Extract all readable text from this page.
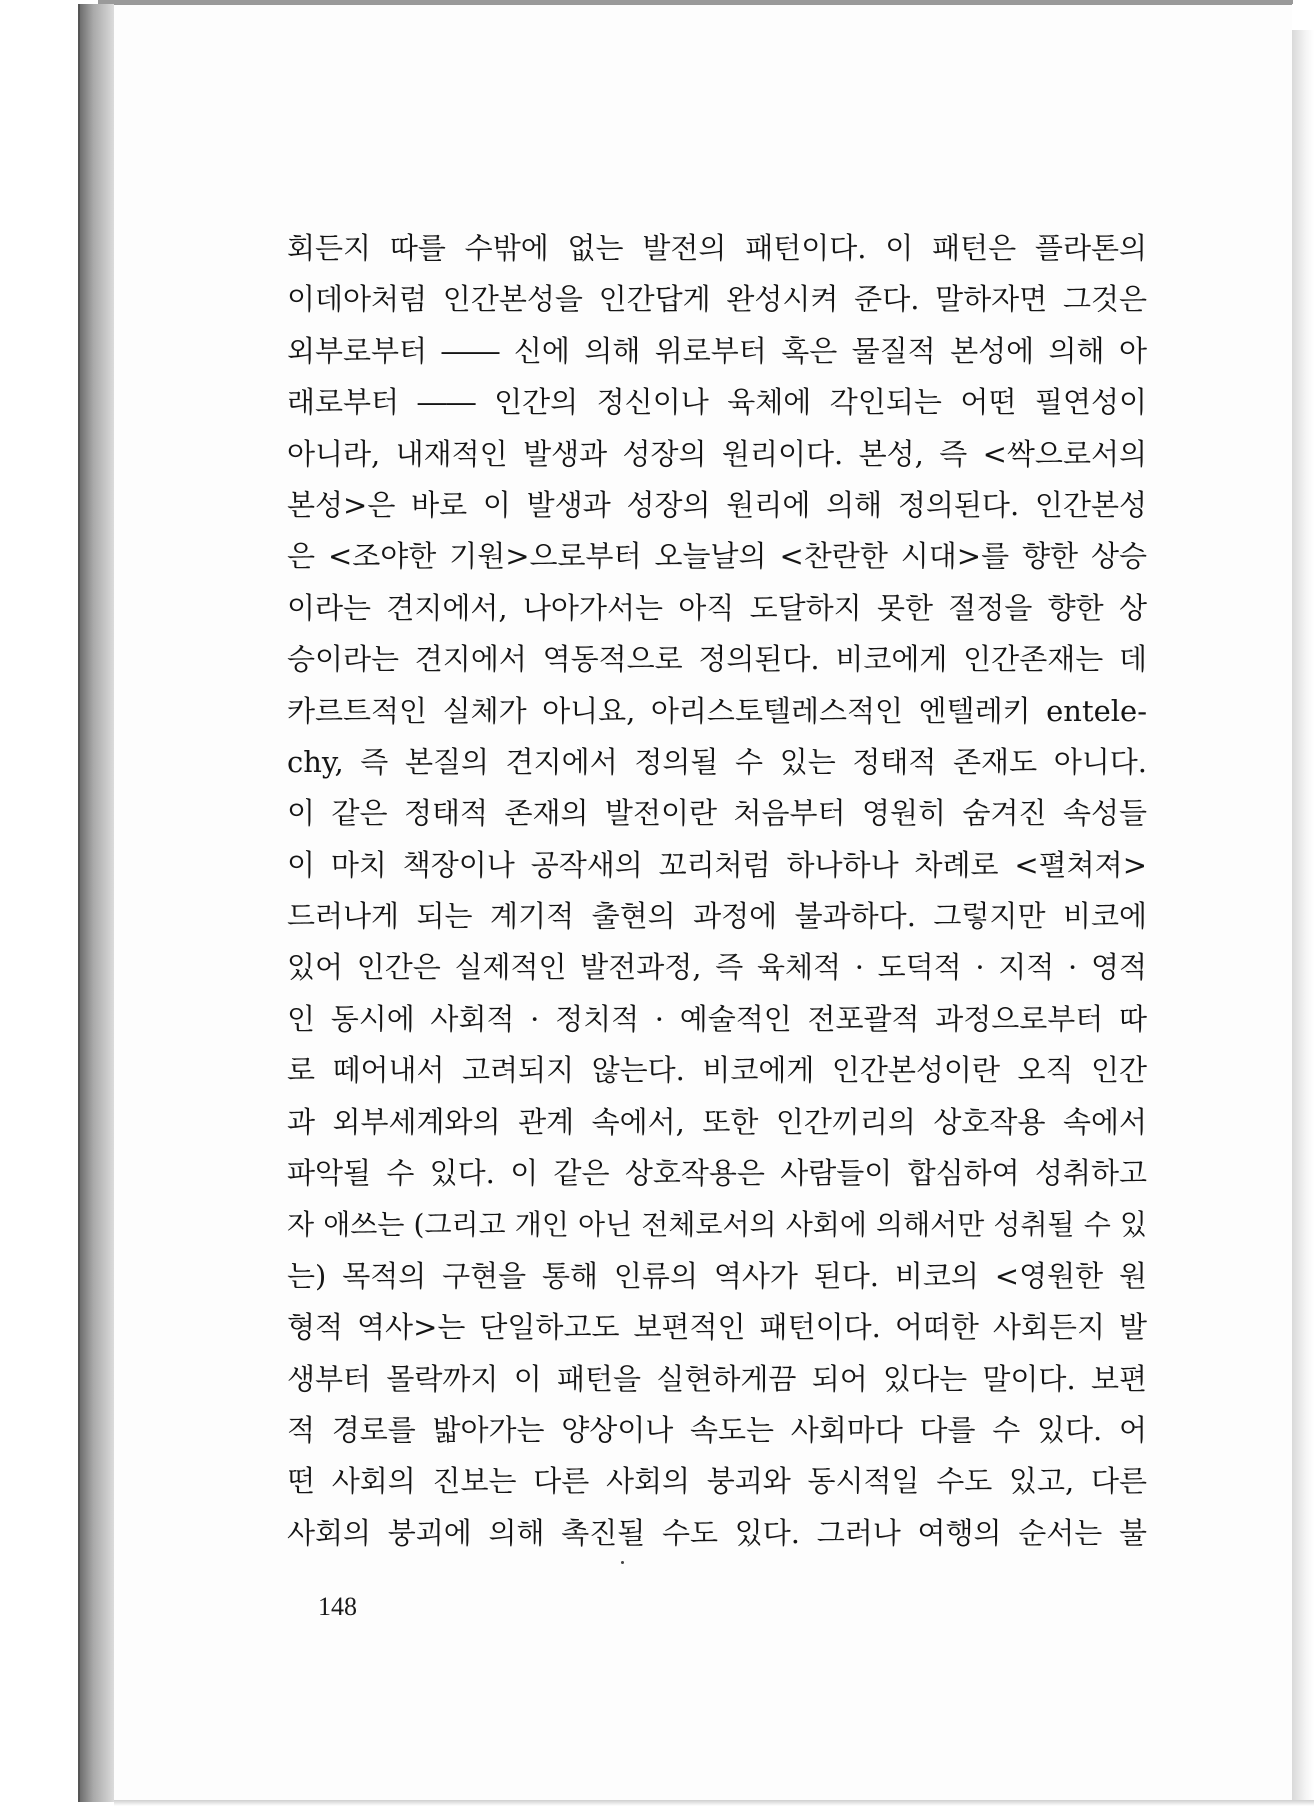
회든지 따를 수밖에 없는 발전의 패턴이다. 이 패턴은 플라톤의
이데아처럼 인간본성을 인간답게 완성시켜 준다. 말하자면 그것은
외부로부터 ―― 신에 의해 위로부터 혹은 물질적 본성에 의해 아
래로부터 ―― 인간의 정신이나 육체에 각인되는 어떤 필연성이
아니라, 내재적인 발생과 성장의 원리이다. 본성, 즉 <싹으로서의
본성>은 바로 이 발생과 성장의 원리에 의해 정의된다. 인간본성
은 <조야한 기원>으로부터 오늘날의 <찬란한 시대>를 향한 상승
이라는 견지에서, 나아가서는 아직 도달하지 못한 절정을 향한 상
승이라는 견지에서 역동적으로 정의된다. 비코에게 인간존재는 데
카르트적인 실체가 아니요, 아리스토텔레스적인 엔텔레키 entele-
chy, 즉 본질의 견지에서 정의될 수 있는 정태적 존재도 아니다.
이 같은 정태적 존재의 발전이란 처음부터 영원히 숨겨진 속성들
이 마치 책장이나 공작새의 꼬리처럼 하나하나 차례로 <펼쳐져>
드러나게 되는 계기적 출현의 과정에 불과하다. 그렇지만 비코에
있어 인간은 실제적인 발전과정, 즉 육체적 · 도덕적 · 지적 · 영적
인 동시에 사회적 · 정치적 · 예술적인 전포괄적 과정으로부터 따
로 떼어내서 고려되지 않는다. 비코에게 인간본성이란 오직 인간
과 외부세계와의 관계 속에서, 또한 인간끼리의 상호작용 속에서
파악될 수 있다. 이 같은 상호작용은 사람들이 합심하여 성취하고
자 애쓰는 (그리고 개인 아닌 전체로서의 사회에 의해서만 성취될 수 있
는) 목적의 구현을 통해 인류의 역사가 된다. 비코의 <영원한 원
형적 역사>는 단일하고도 보편적인 패턴이다. 어떠한 사회든지 발
생부터 몰락까지 이 패턴을 실현하게끔 되어 있다는 말이다. 보편
적 경로를 밟아가는 양상이나 속도는 사회마다 다를 수 있다. 어
떤 사회의 진보는 다른 사회의 붕괴와 동시적일 수도 있고, 다른
사회의 붕괴에 의해 촉진될 수도 있다. 그러나 여행의 순서는 불
148
